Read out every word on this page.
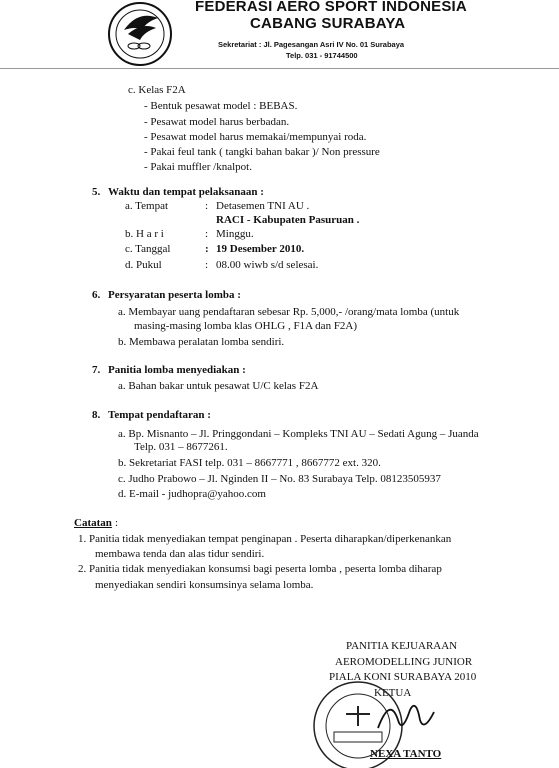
FEDERASI AERO SPORT INDONESIA
CABANG SURABAYA
Sekretariat : Jl. Pagesangan Asri IV No. 01 Surabaya
Telp. 031 - 91744500
c. Kelas F2A
- Bentuk pesawat model : BEBAS.
- Pesawat model harus berbadan.
- Pesawat model harus memakai/mempunyai roda.
- Pakai feul tank ( tangki bahan bakar )/ Non pressure
- Pakai muffler /knalpot.
5. Waktu dan tempat pelaksanaan :
a. Tempat	: Detasemen TNI AU .
RACI - Kabupaten Pasuruan .
b. H a r i	: Minggu.
c. Tanggal	: 19 Desember 2010.
d. Pukul	: 08.00 wiwb s/d selesai.
6. Persyaratan peserta lomba :
a. Membayar uang pendaftaran sebesar Rp. 5,000,- /orang/mata lomba (untuk
masing-masing lomba klas OHLG , F1A dan F2A)
b. Membawa peralatan lomba sendiri.
7. Panitia lomba menyediakan :
a. Bahan bakar untuk pesawat U/C kelas F2A
8. Tempat pendaftaran :
a. Bp. Misnanto – Jl. Pringgondani – Kompleks TNI AU – Sedati Agung – Juanda
Telp. 031 – 8677261.
b. Sekretariat FASI telp. 031 – 8667771 , 8667772 ext. 320.
c. Judho Prabowo – Jl. Nginden II – No. 83 Surabaya Telp. 08123505937
d. E-mail - judhopra@yahoo.com
Catatan :
1. Panitia tidak menyediakan tempat penginapan . Peserta diharapkan/diperkenankan
membawa tenda dan alas tidur sendiri.
2. Panitia tidak menyediakan konsumsi bagi peserta lomba , peserta lomba diharap
menyediakan sendiri konsumsinya selama lomba.
PANITIA KEJUARAAN
AEROMODELLING JUNIOR
PIALA KONI SURABAYA 2010
KETUA
NEXA TANTO
